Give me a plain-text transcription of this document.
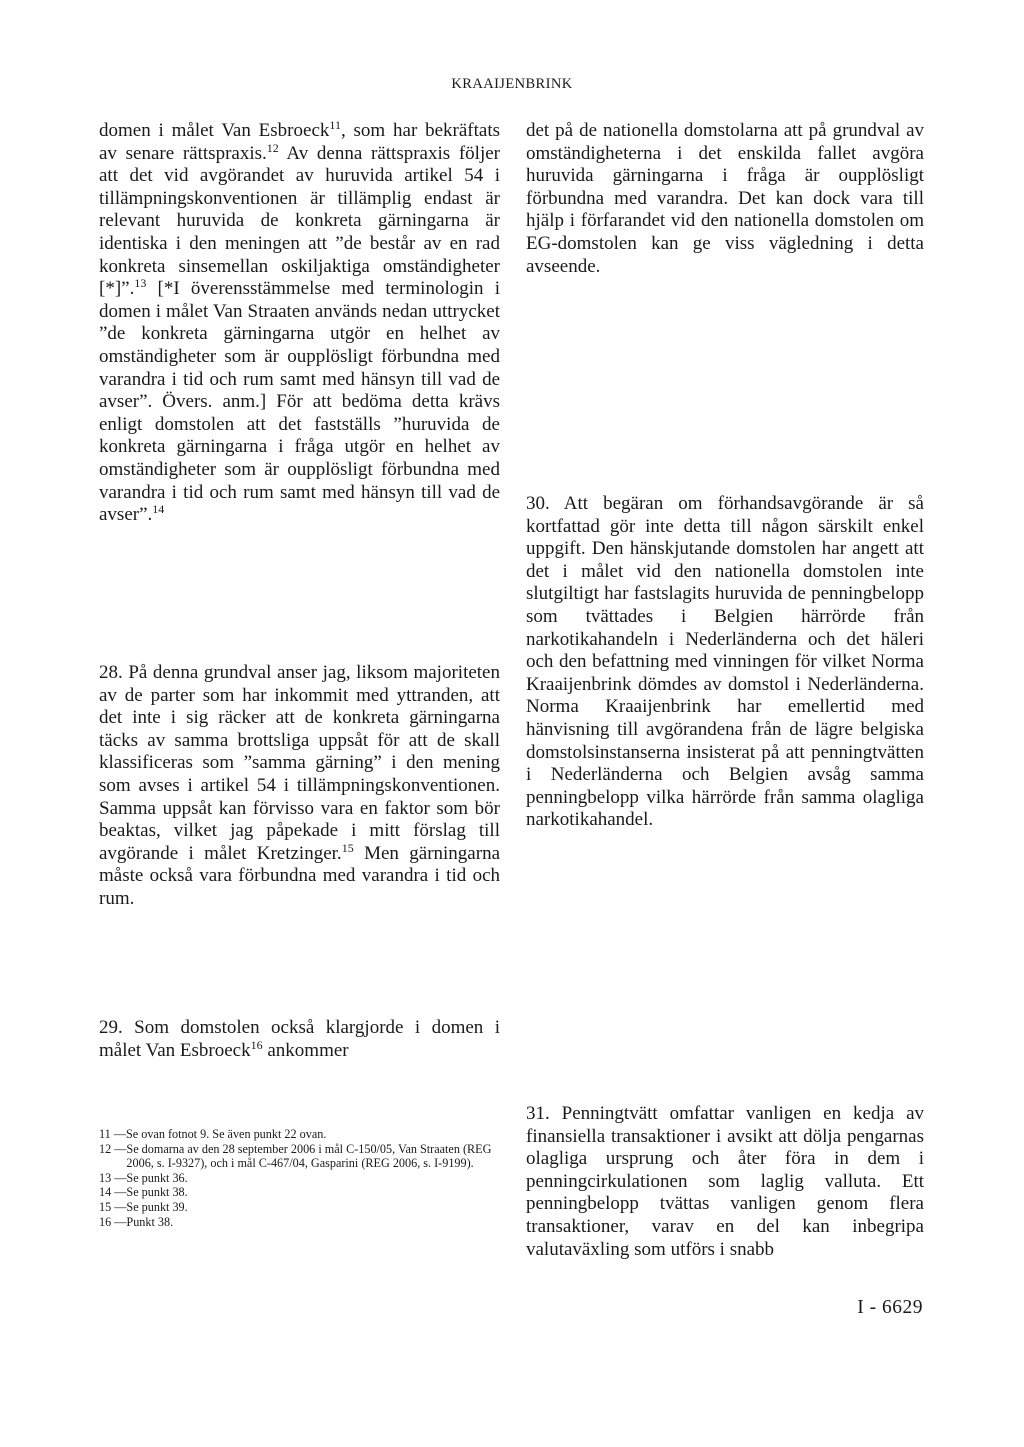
KRAAIJENBRINK

domen i målet Van Esbroeck$^{11}$, som har bekräftats av senare rättspraxis.$^{12}$ Av denna rättspraxis följer att det vid avgörandet av huruvida artikel 54 i tillämpningskonventionen är tillämplig endast är relevant huruvida de konkreta gärningarna är identiska i den meningen att ”de består av en rad konkreta sinsemellan oskiljaktiga omständigheter [*]”.$^{13}$ [*I överensstämmelse med terminologin i domen i målet Van Straaten används nedan uttrycket ”de konkreta gärningarna utgör en helhet av omständigheter som är oupplösligt förbundna med varandra i tid och rum samt med hänsyn till vad de avser”. Övers. anm.] För att bedöma detta krävs enligt domstolen att det fastställs ”huruvida de konkreta gärningarna i fråga utgör en helhet av omständigheter som är oupplösligt förbundna med varandra i tid och rum samt med hänsyn till vad de avser”.$^{14}$

28. På denna grundval anser jag, liksom majoriteten av de parter som har inkommit med yttranden, att det inte i sig räcker att de konkreta gärningarna täcks av samma brottsliga uppsåt för att de skall klassificeras som ”samma gärning” i den mening som avses i artikel 54 i tillämpningskonventionen. Samma uppsåt kan förvisso vara en faktor som bör beaktas, vilket jag påpekade i mitt förslag till avgörande i målet Kretzinger.$^{15}$ Men gärningarna måste också vara förbundna med varandra i tid och rum.

29. Som domstolen också klargjorde i domen i målet Van Esbroeck$^{16}$ ankommer

det på de nationella domstolarna att på grundval av omständigheterna i det enskilda fallet avgöra huruvida gärningarna i fråga är oupplösligt förbundna med varandra. Det kan dock vara till hjälp i förfarandet vid den nationella domstolen om EG-domstolen kan ge viss vägledning i detta avseende.

30. Att begäran om förhandsavgörande är så kortfattad gör inte detta till någon särskilt enkel uppgift. Den hänskjutande domstolen har angett att det i målet vid den nationella domstolen inte slutgiltigt har fastslagits huruvida de penningbelopp som tvättades i Belgien härrörde från narkotikahandeln i Nederländerna och det häleri och den befattning med vinningen för vilket Norma Kraaijenbrink dömdes av domstol i Nederländerna. Norma Kraaijenbrink har emellertid med hänvisning till avgörandena från de lägre belgiska domstolsinstanserna insisterat på att penningtvätten i Nederländerna och Belgien avsåg samma penningbelopp vilka härrörde från samma olagliga narkotikahandel.

31. Penningtvätt omfattar vanligen en kedja av finansiella transaktioner i avsikt att dölja pengarnas olagliga ursprung och åter föra in dem i penningcirkulationen som laglig valluta. Ett penningbelopp tvättas vanligen genom flera transaktioner, varav en del kan inbegripa valutaväxling som utförs i snabb

11 — Se ovan fotnot 9. Se även punkt 22 ovan.
12 — Se domarna av den 28 september 2006 i mål C-150/05, Van Straaten (REG 2006, s. I-9327), och i mål C-467/04, Gasparini (REG 2006, s. I-9199).
13 — Se punkt 36.
14 — Se punkt 38.
15 — Se punkt 39.
16 — Punkt 38.
I - 6629
